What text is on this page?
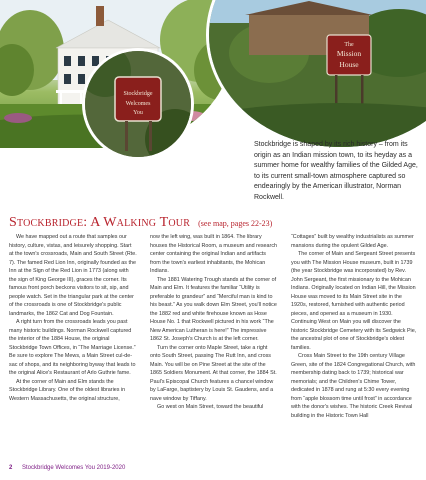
Stockbridge
Welcomes
You
The
Mission
House
Stockbridge is shaped by its rich history – from its origin as an Indian mission town, to its heyday as a summer home for wealthy families of the Gilded Age, to its current small-town atmosphere captured so endearingly by the American illustrator, Norman Rockwell.
Stockbridge: A Walking Tour (see map, pages 22-23)

We have mapped out a route that samples our history, culture, vistas, and leisurely shopping. Start at the town's crossroads, Main and South Street (Rte. 7). The famed Red Lion Inn, originally founded as the Inn at the Sign of the Red Lion in 1773 (along with the sign of King George III), graces the corner. Its famous front porch beckons visitors to sit, sip, and people watch. Set in the triangular park at the center of the crossroads is one of Stockbridge's public landmarks, the 1862 Cat and Dog Fountain.

A right turn from the crossroads leads you past many historic buildings. Norman Rockwell captured the interior of the 1884 House, the original Stockbridge Town Offices, in “The Marriage License.” Be sure to explore The Mews, a Main Street cul-de-sac of shops, and its neighboring byway that leads to the original Alice's Restaurant of Arlo Guthrie fame.

At the corner of Main and Elm stands the Stockbridge Library. One of the oldest libraries in Western Massachusetts, the original structure,

now the left wing, was built in 1864. The library houses the Historical Room, a museum and research center containing the original Indian and artifacts from the town's earliest inhabitants, the Mohican Indians.

The 1881 Watering Trough stands at the corner of Main and Elm. It features the familiar “Utility is preferable to grandeur” and “Merciful man is kind to his beast.” As you walk down Elm Street, you'll notice the 1882 red and white firehouse known as Hose House No. 1 that Rockwell pictured in his work “The New American Lutheran is here!” The impressive 1862 St. Joseph's Church is at the left corner.

Turn the corner onto Maple Street, take a right onto South Street, passing The Rutt Inn, and cross Main. You will be on Pine Street at the site of the 1865 Soldiers Monument. At that corner, the 1884 St. Paul's Episcopal Church features a chancel window by LaFarge, baptistery by Louis St. Gaudens, and a nave window by Tiffany.

Go west on Main Street, toward the beautiful

“Cottages” built by wealthy industrialists as summer mansions during the opulent Gilded Age.

The corner of Main and Sergeant Street presents you with The Mission House museum, built in 1739 (the year Stockbridge was incorporated) by Rev. John Sergeant, the first missionary to the Mohican Indians. Originally located on Indian Hill, the Mission House was moved to its Main Street site in the 1920s, restored, furnished with authentic period pieces, and opened as a museum in 1930. Continuing West on Main you will discover the historic Stockbridge Cemetery with its Sedgwick Pie, the ancestral plot of one of Stockbridge's oldest families.

Cross Main Street to the 19th century Village Green, site of the 1824 Congregational Church, with membership dating back to 1739; historical war memorials; and the Children's Chime Tower, dedicated in 1878 and rung at 5:30 every evening from “apple blossom time until frost” in accordance with the donor's wishes. The historic Creek Revival building in the Historic Town Hall

2 Stockbridge Welcomes You 2019-2020
